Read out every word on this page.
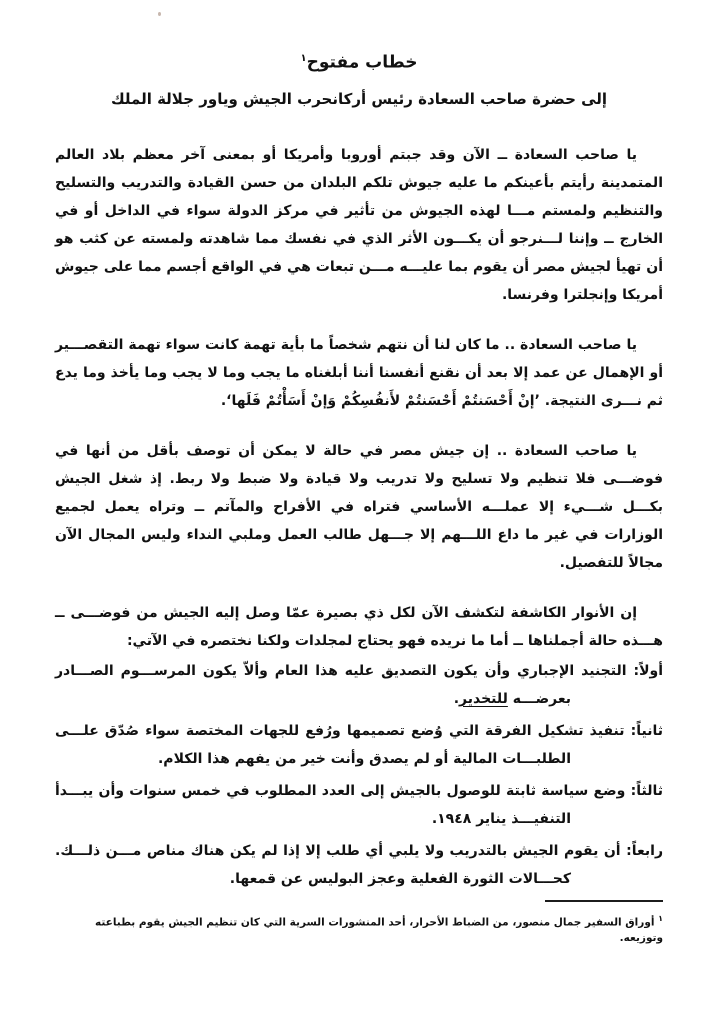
خطاب مفتوح$^١$
إلى حضرة صاحب السعادة رئيس أركانحرب الجيش وياور جلالة الملك

يا صاحب السعادة ــ الآن وقد جبتم أوروبا وأمريكا أو بمعنى آخر معظم بلاد العالم المتمدينة رأيتم بأعينكم ما عليه جيوش تلكم البلدان من حسن القيادة والتدريب والتسليح والتنظيم ولمستم مـــا لهذه الجيوش من تأثير في مركز الدولة سواء في الداخل أو في الخارج ــ وإننا لـــنرجو أن يكـــون الأثر الذي في نفسك مما شاهدته ولمسته عن كثب هو أن تهيأ لجيش مصر أن يقوم بما عليـــه مـــن تبعات هي في الواقع أجسم مما على جيوش أمريكا وإنجلترا وفرنسا.

يا صاحب السعادة .. ما كان لنا أن نتهم شخصاً ما بأية تهمة كانت سواء تهمة التقصـــير أو الإهمال عن عمد إلا بعد أن نقنع أنفسنا أننا أبلغناه ما يجب وما لا يجب وما يأخذ وما يدع ثم نـــرى النتيجة. ’إنْ أَحْسَنتُمْ أَحْسَنتُمْ لأَنفُسِكُمْ وَإنْ أَسَأْتُمْ فَلَها‘.

يا صاحب السعادة .. إن جيش مصر في حالة لا يمكن أن توصف بأقل من أنها في فوضـــى فلا تنظيم ولا تسليح ولا تدريب ولا قيادة ولا ضبط ولا ربط. إذ شغل الجيش بكـــل شـــيء إلا عملـــه الأساسي فتراه في الأفراح والمآتم ــ وتراه يعمل لجميع الوزارات في غير ما داع اللـــهم إلا جـــهل طالب العمل وملبي النداء وليس المجال الآن مجالاً للتفصيل.

إن الأنوار الكاشفة لتكشف الآن لكل ذي بصيرة عمّا وصل إليه الجيش من فوضـــى ــ هـــذه حالة أجملناها ــ أما ما نريده فهو يحتاج لمجلدات ولكنا نختصره في الآتي:

أولاً: التجنيد الإجباري وأن يكون التصديق عليه هذا العام وألاّ يكون المرســـوم الصـــادر بعرضـــه للتخدير.
ثانياً: تنفيذ تشكيل الفرقة التي وُضع تصميمها ورُفع للجهات المختصة سواء صُدّق علـــى الطلبـــات المالية أو لم يصدق وأنت خير من يفهم هذا الكلام.
ثالثاً: وضع سياسة ثابتة للوصول بالجيش إلى العدد المطلوب في خمس سنوات وأن يبـــدأ التنفيـــذ يناير ١٩٤٨.
رابعاً: أن يقوم الجيش بالتدريب ولا يلبي أي طلب إلا إذا لم يكن هناك مناص مـــن ذلـــك. كحـــالات الثورة الفعلية وعجز البوليس عن قمعها.
$^١$ أوراق السفير جمال منصور، من الضباط الأحرار، أحد المنشورات السرية التي كان تنظيم الجيش يقوم بطباعته وتوزيعه.
